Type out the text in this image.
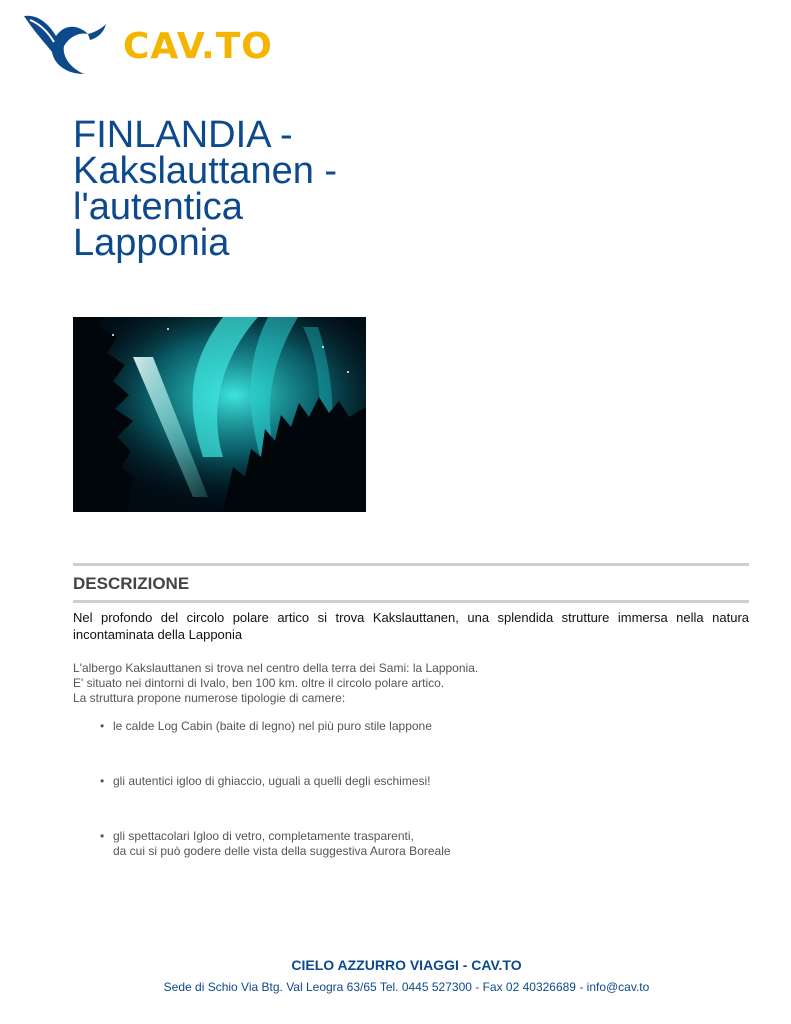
CAV.TO
FINLANDIA -
Kakslauttanen -
l'autentica
Lapponia
DESCRIZIONE

Nel profondo del circolo polare artico si trova Kakslauttanen, una splendida strutture immersa nella natura incontaminata della Lapponia

L'albergo Kakslauttanen si trova nel centro della terra dei Sami: la Lapponia.
E' situato nei dintorni di Ivalo, ben 100 km. oltre il circolo polare artico.
La struttura propone numerose tipologie di camere:
• le calde Log Cabin (baite di legno) nel più puro stile lappone
• gli autentici igloo di ghiaccio, uguali a quelli degli eschimesi!
• gli spettacolari Igloo di vetro, completamente trasparenti,
da cui si può godere delle vista della suggestiva Aurora Boreale
CIELO AZZURRO VIAGGI - CAV.TO
Sede di Schio Via Btg. Val Leogra 63/65 Tel. 0445 527300 - Fax 02 40326689 - info@cav.to
